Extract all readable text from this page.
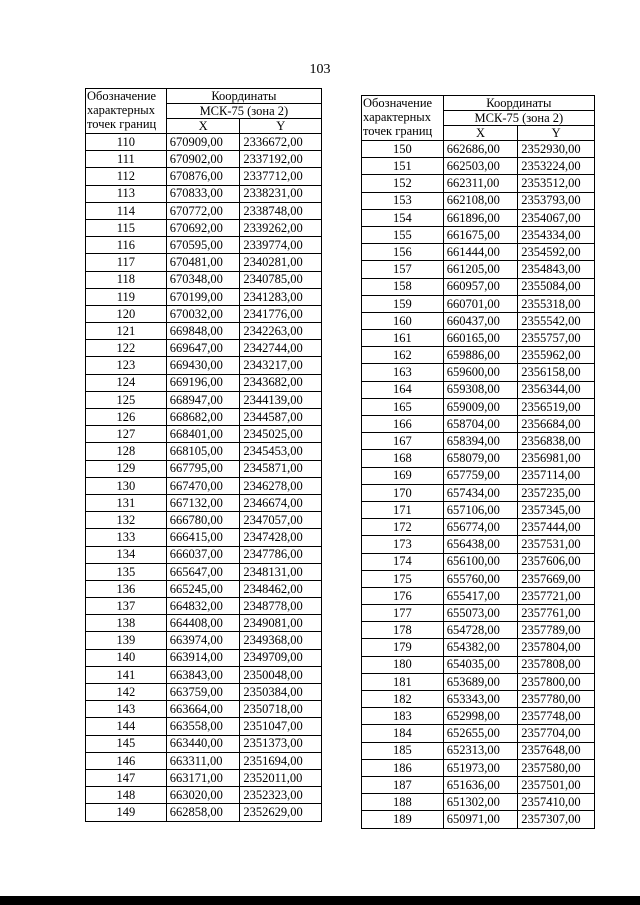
103
Обозначение
характерных
точек границ	Координаты	
	МСК-75 (зона 2)	
	X	Y
110	670909,00	2336672,00
111	670902,00	2337192,00
112	670876,00	2337712,00
113	670833,00	2338231,00
114	670772,00	2338748,00
115	670692,00	2339262,00
116	670595,00	2339774,00
117	670481,00	2340281,00
118	670348,00	2340785,00
119	670199,00	2341283,00
120	670032,00	2341776,00
121	669848,00	2342263,00
122	669647,00	2342744,00
123	669430,00	2343217,00
124	669196,00	2343682,00
125	668947,00	2344139,00
126	668682,00	2344587,00
127	668401,00	2345025,00
128	668105,00	2345453,00
129	667795,00	2345871,00
130	667470,00	2346278,00
131	667132,00	2346674,00
132	666780,00	2347057,00
133	666415,00	2347428,00
134	666037,00	2347786,00
135	665647,00	2348131,00
136	665245,00	2348462,00
137	664832,00	2348778,00
138	664408,00	2349081,00
139	663974,00	2349368,00
140	663914,00	2349709,00
141	663843,00	2350048,00
142	663759,00	2350384,00
143	663664,00	2350718,00
144	663558,00	2351047,00
145	663440,00	2351373,00
146	663311,00	2351694,00
147	663171,00	2352011,00
148	663020,00	2352323,00
149	662858,00	2352629,00
Обозначение
характерных
точек границ	Координаты	
	МСК-75 (зона 2)	
	X	Y
150	662686,00	2352930,00
151	662503,00	2353224,00
152	662311,00	2353512,00
153	662108,00	2353793,00
154	661896,00	2354067,00
155	661675,00	2354334,00
156	661444,00	2354592,00
157	661205,00	2354843,00
158	660957,00	2355084,00
159	660701,00	2355318,00
160	660437,00	2355542,00
161	660165,00	2355757,00
162	659886,00	2355962,00
163	659600,00	2356158,00
164	659308,00	2356344,00
165	659009,00	2356519,00
166	658704,00	2356684,00
167	658394,00	2356838,00
168	658079,00	2356981,00
169	657759,00	2357114,00
170	657434,00	2357235,00
171	657106,00	2357345,00
172	656774,00	2357444,00
173	656438,00	2357531,00
174	656100,00	2357606,00
175	655760,00	2357669,00
176	655417,00	2357721,00
177	655073,00	2357761,00
178	654728,00	2357789,00
179	654382,00	2357804,00
180	654035,00	2357808,00
181	653689,00	2357800,00
182	653343,00	2357780,00
183	652998,00	2357748,00
184	652655,00	2357704,00
185	652313,00	2357648,00
186	651973,00	2357580,00
187	651636,00	2357501,00
188	651302,00	2357410,00
189	650971,00	2357307,00
